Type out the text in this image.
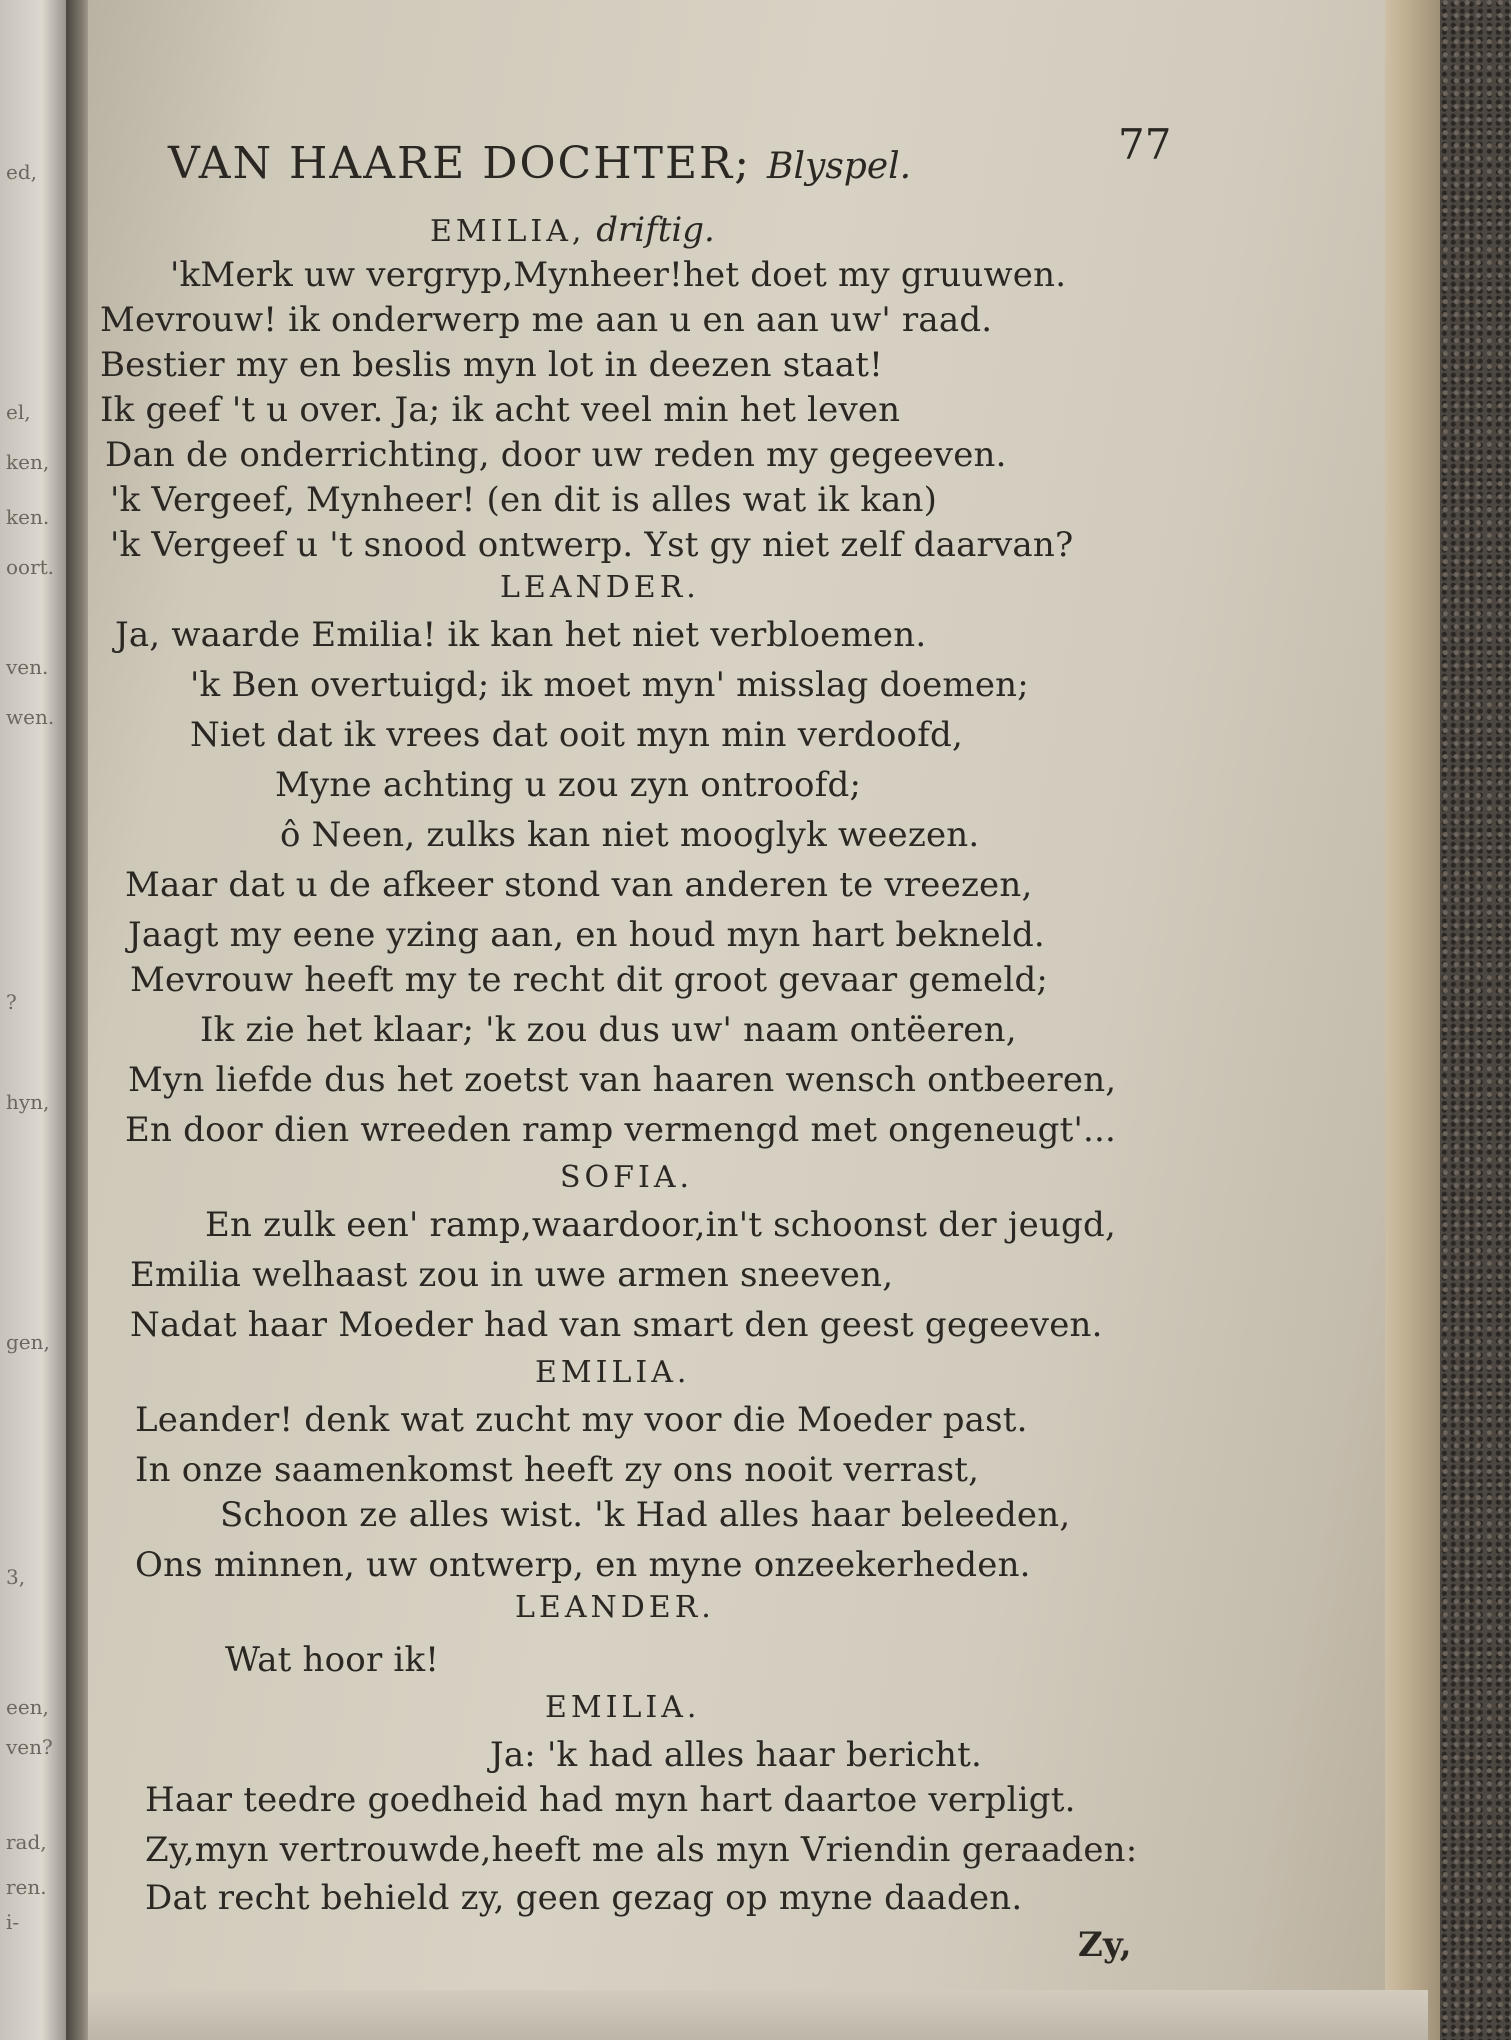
ed,
el,
ken,
ken.
oort.
ven.
wen.
?
hyn,
gen,
3,
een,
ven?
rad,
ren.
i-
VAN HAARE DOCHTER; Blyspel.	77
EMILIA, driftig.
'kMerk uw vergryp,Mynheer!het doet my gruuwen.
Mevrouw! ik onderwerp me aan u en aan uw' raad.
Bestier my en beslis myn lot in deezen staat!
Ik geef 't u over. Ja; ik acht veel min het leven
Dan de onderrichting, door uw reden my gegeeven.
'k Vergeef, Mynheer! (en dit is alles wat ik kan)
'k Vergeef u 't snood ontwerp. Yst gy niet zelf daarvan?
LEANDER.
Ja, waarde Emilia! ik kan het niet verbloemen.
'k Ben overtuigd; ik moet myn' misslag doemen;
Niet dat ik vrees dat ooit myn min verdoofd,
Myne achting u zou zyn ontroofd;
ô Neen, zulks kan niet mooglyk weezen.
Maar dat u de afkeer stond van anderen te vreezen,
Jaagt my eene yzing aan, en houd myn hart bekneld.
Mevrouw heeft my te recht dit groot gevaar gemeld;
Ik zie het klaar; 'k zou dus uw' naam ontëeren,
Myn liefde dus het zoetst van haaren wensch ontbeeren,
En door dien wreeden ramp vermengd met ongeneugt'...
SOFIA.
En zulk een' ramp,waardoor,in't schoonst der jeugd,
Emilia welhaast zou in uwe armen sneeven,
Nadat haar Moeder had van smart den geest gegeeven.
EMILIA.
Leander! denk wat zucht my voor die Moeder past.
In onze saamenkomst heeft zy ons nooit verrast,
Schoon ze alles wist. 'k Had alles haar beleeden,
Ons minnen, uw ontwerp, en myne onzeekerheden.
LEANDER.
Wat hoor ik!
EMILIA.
Ja: 'k had alles haar bericht.
Haar teedre goedheid had myn hart daartoe verpligt.
Zy,myn vertrouwde,heeft me als myn Vriendin geraaden:
Dat recht behield zy, geen gezag op myne daaden.
Zy,
